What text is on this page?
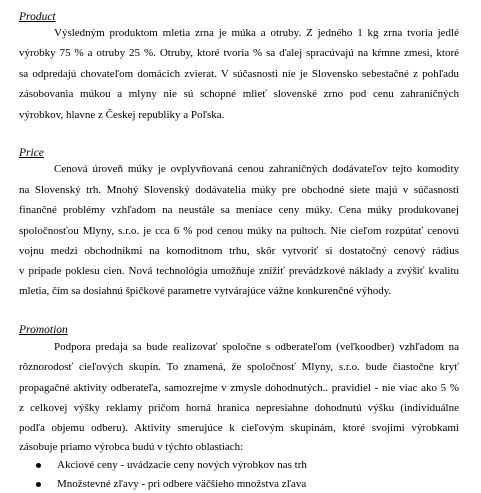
Product
Výsledným produktom mletia zrna je múka a otruby. Z jedného 1 kg zrna tvoria jedlé
výrobky 75 % a otruby 25 %. Otruby, ktoré tvoria % sa ďalej spracúvajú na kŕmne zmesi, ktoré
sa odpredajú chovateľom domácich zvierat. V súčasnosti nie je Slovensko sebestačné z pohľadu
zásobovania múkou a mlyny nie sú schopné mlieť slovenské zrno pod cenu zahraničných
výrobkov, hlavne z Českej republiky a Poľska.
Price
Cenová úroveň múky je ovplyvňovaná cenou zahraničných dodávateľov tejto komodity
na Slovenský trh. Mnohý Slovenský dodávatelia múky pre obchodné siete majú v súčasnosti
finančné problémy vzhľadom na neustále sa meniace ceny múky. Cena múky produkovanej
spoločnosťou Mlyny, s.r.o. je cca 6 % pod cenou múky na pultoch. Nie cieľom rozpútať cenovú
vojnu medzi obchodníkmi na komoditnom trhu, skôr vytvoriť si dostatočný cenový rádius
v prípade poklesu cien. Nová technológia umožňuje znížiť prevádzkové náklady a zvýšiť kvalitu
mletia, čím sa dosiahnú špičkové parametre vytvárajúce vážne konkurenčné výhody.
Promotion
Podpora predaja sa bude realizovať spoločne s odberateľom (veľkoodber) vzhľadom na
rôznorodosť cieľových skupín. To znamená, že spoločnosť Mlyny, s.r.o. bude čiastočne kryť
propagačné aktivity odberateľa, samozrejme v zmysle dohodnutých.. pravidiel - nie viac ako 5 %
z celkovej výšky reklamy pričom horná hranica nepresiahne dohodnutú výšku (individuálne
podľa objemu odberu). Aktivity smerujúce k cieľovým skupinám, ktoré svojimi výrobkami
zásobuje priamo výrobca budú v týchto oblastiach:
Akciové ceny - uvádzacie ceny nových výrobkov nas trh
Množstevné zľavy - pri odbere väčšieho množstva zľava
